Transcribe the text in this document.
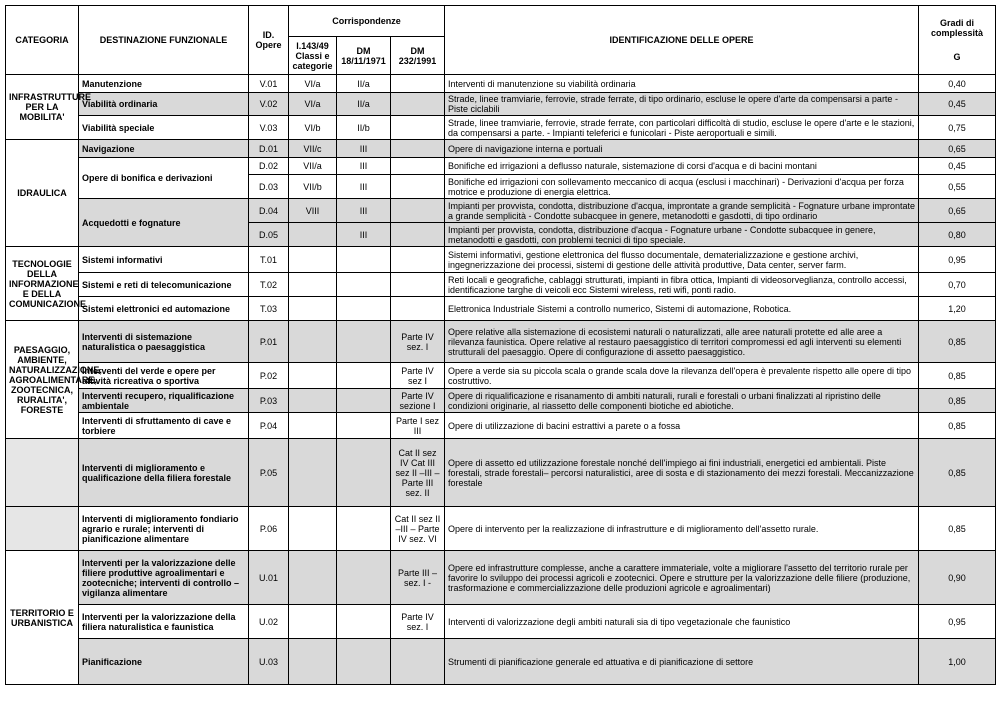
CATEGORIA	DESTINAZIONE FUNZIONALE	ID. Opere	Corrispondenze			IDENTIFICAZIONE DELLE OPERE	Gradi di complessità
G

			l.143/49 Classi e categorie	DM 18/11/1971	DM 232/1991		
INFRASTRUTTURE PER LA MOBILITA'	Manutenzione	V.01	VI/a	II/a		Interventi di manutenzione su viabilità ordinaria	0,40
	Viabilità ordinaria	V.02	VI/a	II/a		Strade, linee tramviarie, ferrovie, strade ferrate, di tipo ordinario, escluse le opere d'arte da compensarsi a parte - Piste ciclabili	0,45
	Viabilità speciale	V.03	VI/b	II/b		Strade, linee tramviarie, ferrovie, strade ferrate, con particolari difficoltà di studio, escluse le opere d'arte e le stazioni, da compensarsi a parte. - Impianti teleferici e funicolari - Piste aeroportuali e simili.	0,75
IDRAULICA	Navigazione	D.01	VII/c	III		Opere di navigazione interna e portuali	0,65
	Opere di bonifica e derivazioni	D.02	VII/a	III		Bonifiche ed irrigazioni a deflusso naturale, sistemazione di corsi d'acqua e di bacini montani	0,45
		D.03	VII/b	III		Bonifiche ed irrigazioni con sollevamento meccanico di acqua (esclusi i macchinari) - Derivazioni d'acqua per forza motrice e produzione di energia elettrica.	0,55
	Acquedotti e fognature	D.04	VIII	III		Impianti per provvista, condotta, distribuzione d'acqua, improntate a grande semplicità - Fognature urbane improntate a grande semplicità - Condotte subacquee in genere, metanodotti e gasdotti, di tipo ordinario	0,65
		D.05		III		Impianti per provvista, condotta, distribuzione d'acqua - Fognature urbane - Condotte subacquee in genere, metanodotti e gasdotti, con problemi tecnici di tipo speciale.	0,80
TECNOLOGIE DELLA INFORMAZIONE E DELLA COMUNICAZIONE	Sistemi informativi	T.01				Sistemi informativi, gestione elettronica del flusso documentale, dematerializzazione e gestione archivi, ingegnerizzazione dei processi, sistemi di gestione delle attività produttive, Data center, server farm.	0,95
	Sistemi e reti di telecomunicazione	T.02				Reti locali e geografiche, cablaggi strutturati, impianti in fibra ottica, Impianti di videosorveglianza, controllo accessi, identificazione targhe di veicoli ecc Sistemi wireless, reti wifi, ponti radio.	0,70
	Sistemi elettronici ed automazione	T.03				Elettronica Industriale Sistemi a controllo numerico, Sistemi di automazione, Robotica.	1,20
PAESAGGIO, AMBIENTE, NATURALIZZAZIONE, AGROALIMENTARE, ZOOTECNICA, RURALITA', FORESTE	Interventi di sistemazione naturalistica o paesaggistica	P.01			Parte IV sez. I	Opere relative alla sistemazione di ecosistemi naturali o naturalizzati, alle aree naturali protette ed alle aree a rilevanza faunistica. Opere relative al restauro paesaggistico di territori compromessi ed agli interventi su elementi strutturali del paesaggio. Opere di configurazione di assetto paesaggistico.	0,85
	Interventi del verde e opere per attività ricreativa o sportiva	P.02			Parte IV sez I	Opere a verde sia su piccola scala o grande scala dove la rilevanza dell'opera è prevalente rispetto alle opere di tipo costruttivo.	0,85
	Interventi recupero, riqualificazione ambientale	P.03			Parte IV sezione I	Opere di riqualificazione e risanamento di ambiti naturali, rurali e forestali o urbani finalizzati al ripristino delle condizioni originarie, al riassetto delle componenti biotiche ed abiotiche.	0,85
	Interventi di sfruttamento di cave e torbiere	P.04			Parte I sez III	Opere di utilizzazione di bacini estrattivi a parete o a fossa	0,85
	Interventi di miglioramento e qualificazione della filiera forestale	P.05			Cat II sez IV Cat III sez II –III – Parte III sez. II	Opere di assetto ed utilizzazione forestale nonché dell'impiego ai fini industriali, energetici ed ambientali. Piste forestali, strade forestali– percorsi naturalistici, aree di sosta e di stazionamento dei mezzi forestali. Meccanizzazione forestale	0,85
	Interventi di miglioramento fondiario agrario e rurale; interventi di pianificazione alimentare	P.06			Cat II sez II –III – Parte IV sez. VI	Opere di intervento per la realizzazione di infrastrutture e di miglioramento dell'assetto rurale.	0,85
TERRITORIO E URBANISTICA	Interventi per la valorizzazione delle filiere produttive agroalimentari e zootecniche; interventi di controllo – vigilanza alimentare	U.01			Parte III – sez. I -	Opere ed infrastrutture complesse, anche a carattere immateriale, volte a migliorare l'assetto del territorio rurale per favorire lo sviluppo dei processi agricoli e zootecnici. Opere e strutture per la valorizzazione delle filiere (produzione, trasformazione e commercializzazione delle produzioni agricole e agroalimentari)	0,90
	Interventi per la valorizzazione della filiera naturalistica e faunistica	U.02			Parte IV sez. I	Interventi di valorizzazione degli ambiti naturali sia di tipo vegetazionale che faunistico	0,95
	Pianificazione	U.03				Strumenti di pianificazione generale ed attuativa e di pianificazione di settore	1,00
